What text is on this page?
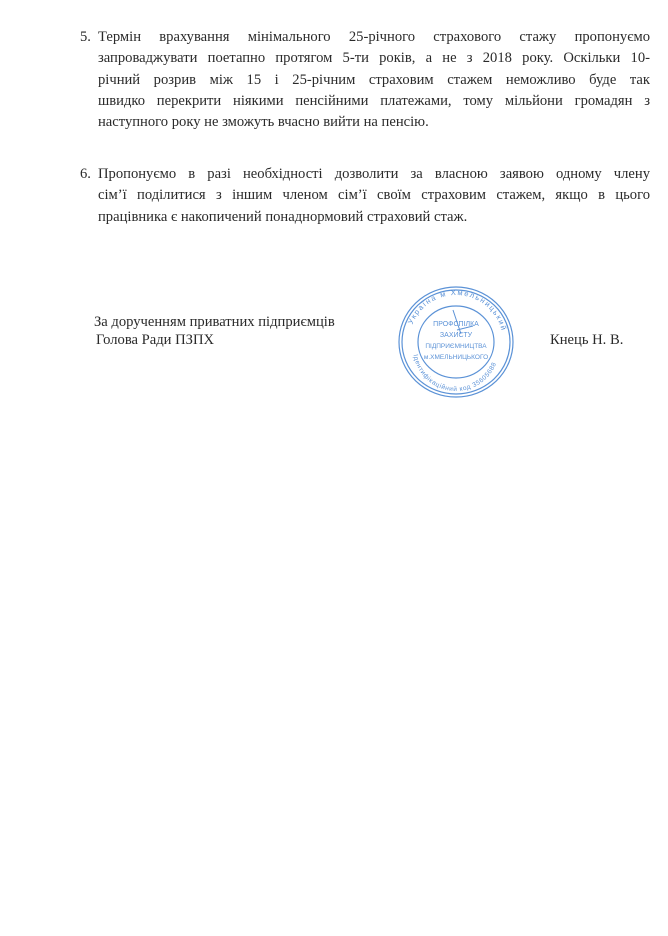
5. Термін врахування мінімального 25-річного страхового стажу пропонуємо
запроваджувати поетапно протягом 5-ти років, а не з 2018 року. Оскільки 10-
річний розрив між 15 і 25-річним страховим стажем неможливо буде так
швидко перекрити ніякими пенсійними платежами, тому мільйони громадян з
наступного року не зможуть вчасно вийти на пенсію.
6. Пропонуємо в разі необхідності дозволити за власною заявою одному члену
сім’ї поділитися з іншим членом сім’ї своїм страховим стажем, якщо в цього
працівника є накопичений понаднормовий страховий стаж.
За дорученням приватних підприємців
Голова Ради ПЗПХ	Кнець Н. В.
Україна м Хмельницький
Ідентифікаційний код 35605688
ПРОФСПІЛКА
ЗАХИСТУ
ПІДПРИЄМНИЦТВА
м.ХМЕЛЬНИЦЬКОГО
